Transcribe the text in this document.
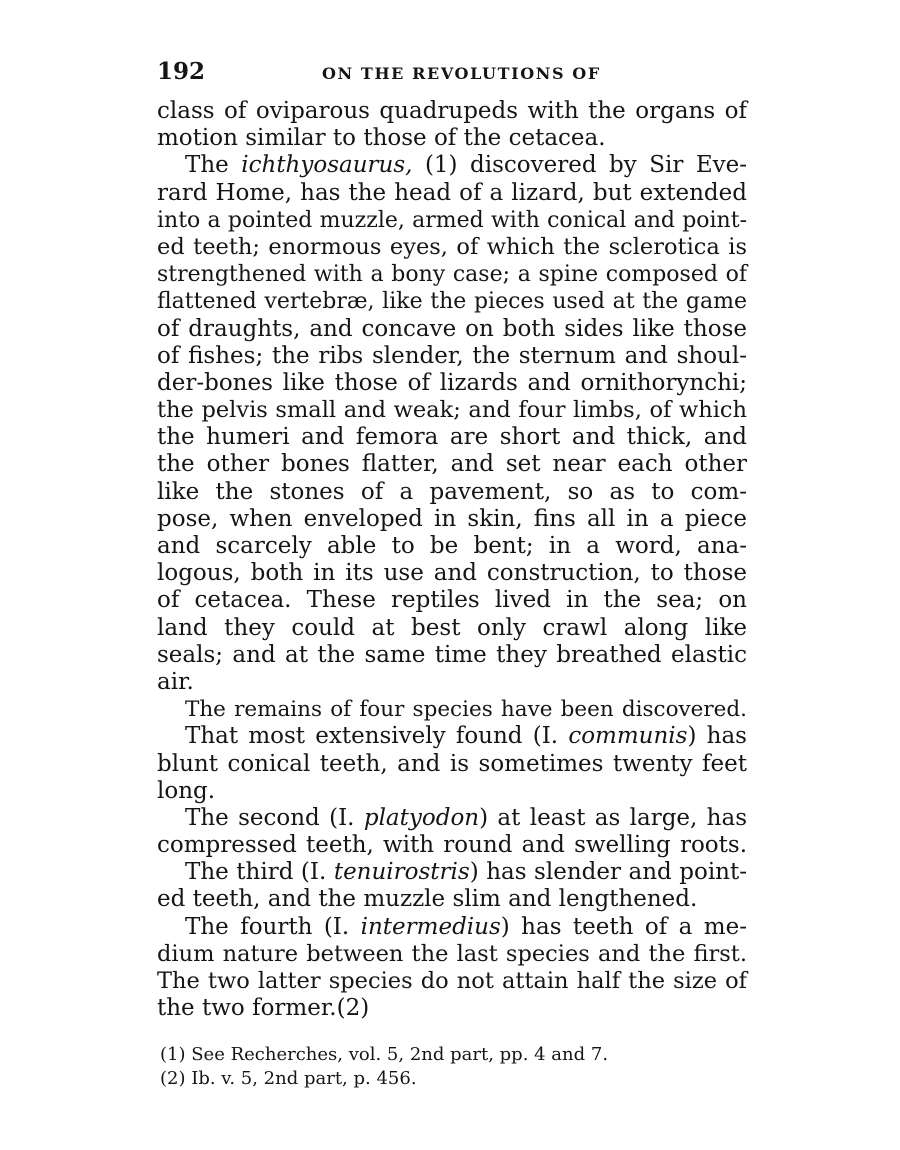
192	ON THE REVOLUTIONS OF
class of oviparous quadrupeds with the organs of
motion similar to those of the cetacea.
The ichthyosaurus, (1) discovered by Sir Eve-
rard Home, has the head of a lizard, but extended
into a pointed muzzle, armed with conical and point-
ed teeth; enormous eyes, of which the sclerotica is
strengthened with a bony case; a spine composed of
flattened vertebræ, like the pieces used at the game
of draughts, and concave on both sides like those
of fishes; the ribs slender, the sternum and shoul-
der-bones like those of lizards and ornithorynchi;
the pelvis small and weak; and four limbs, of which
the humeri and femora are short and thick, and
the other bones flatter, and set near each other
like the stones of a pavement, so as to com-
pose, when enveloped in skin, fins all in a piece
and scarcely able to be bent; in a word, ana-
logous, both in its use and construction, to those
of cetacea. These reptiles lived in the sea; on
land they could at best only crawl along like
seals; and at the same time they breathed elastic
air.
The remains of four species have been discovered.
That most extensively found (I. communis) has
blunt conical teeth, and is sometimes twenty feet
long.
The second (I. platyodon) at least as large, has
compressed teeth, with round and swelling roots.
The third (I. tenuirostris) has slender and point-
ed teeth, and the muzzle slim and lengthened.
The fourth (I. intermedius) has teeth of a me-
dium nature between the last species and the first.
The two latter species do not attain half the size of
the two former.(2)
(1) See Recherches, vol. 5, 2nd part, pp. 4 and 7.
(2) Ib. v. 5, 2nd part, p. 456.
